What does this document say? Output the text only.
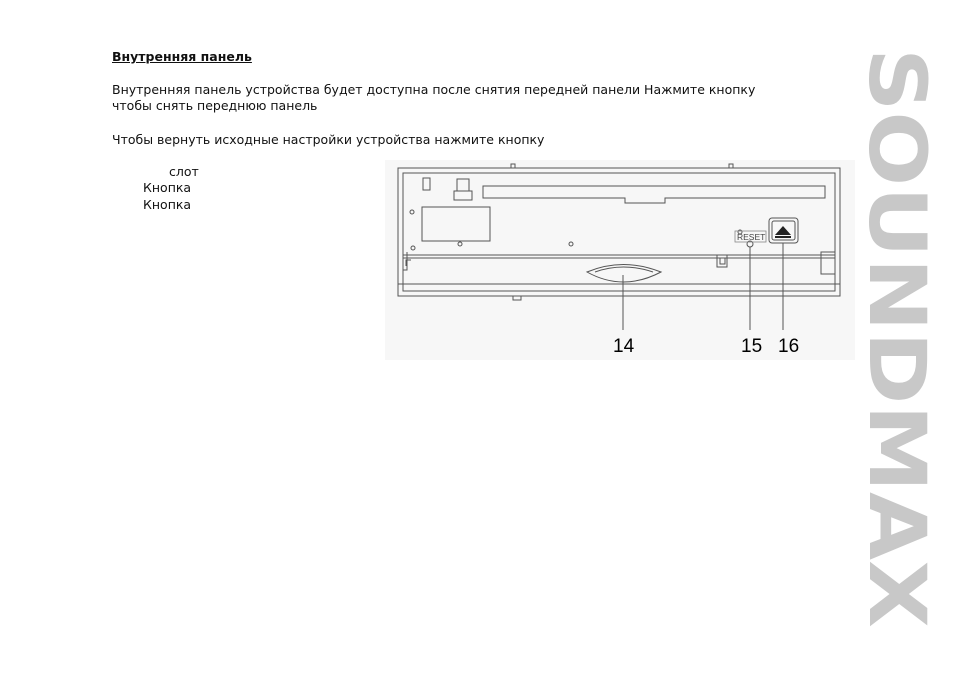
Внутренняя панель
Внутренняя панель устройства будет доступна после снятия передней панели Нажмите кнопку
чтобы снять переднюю панель
Чтобы вернуть исходные настройки устройства нажмите кнопку
слот
Кнопка
Кнопка
RESET
14	15 16 SOUNDMAX
